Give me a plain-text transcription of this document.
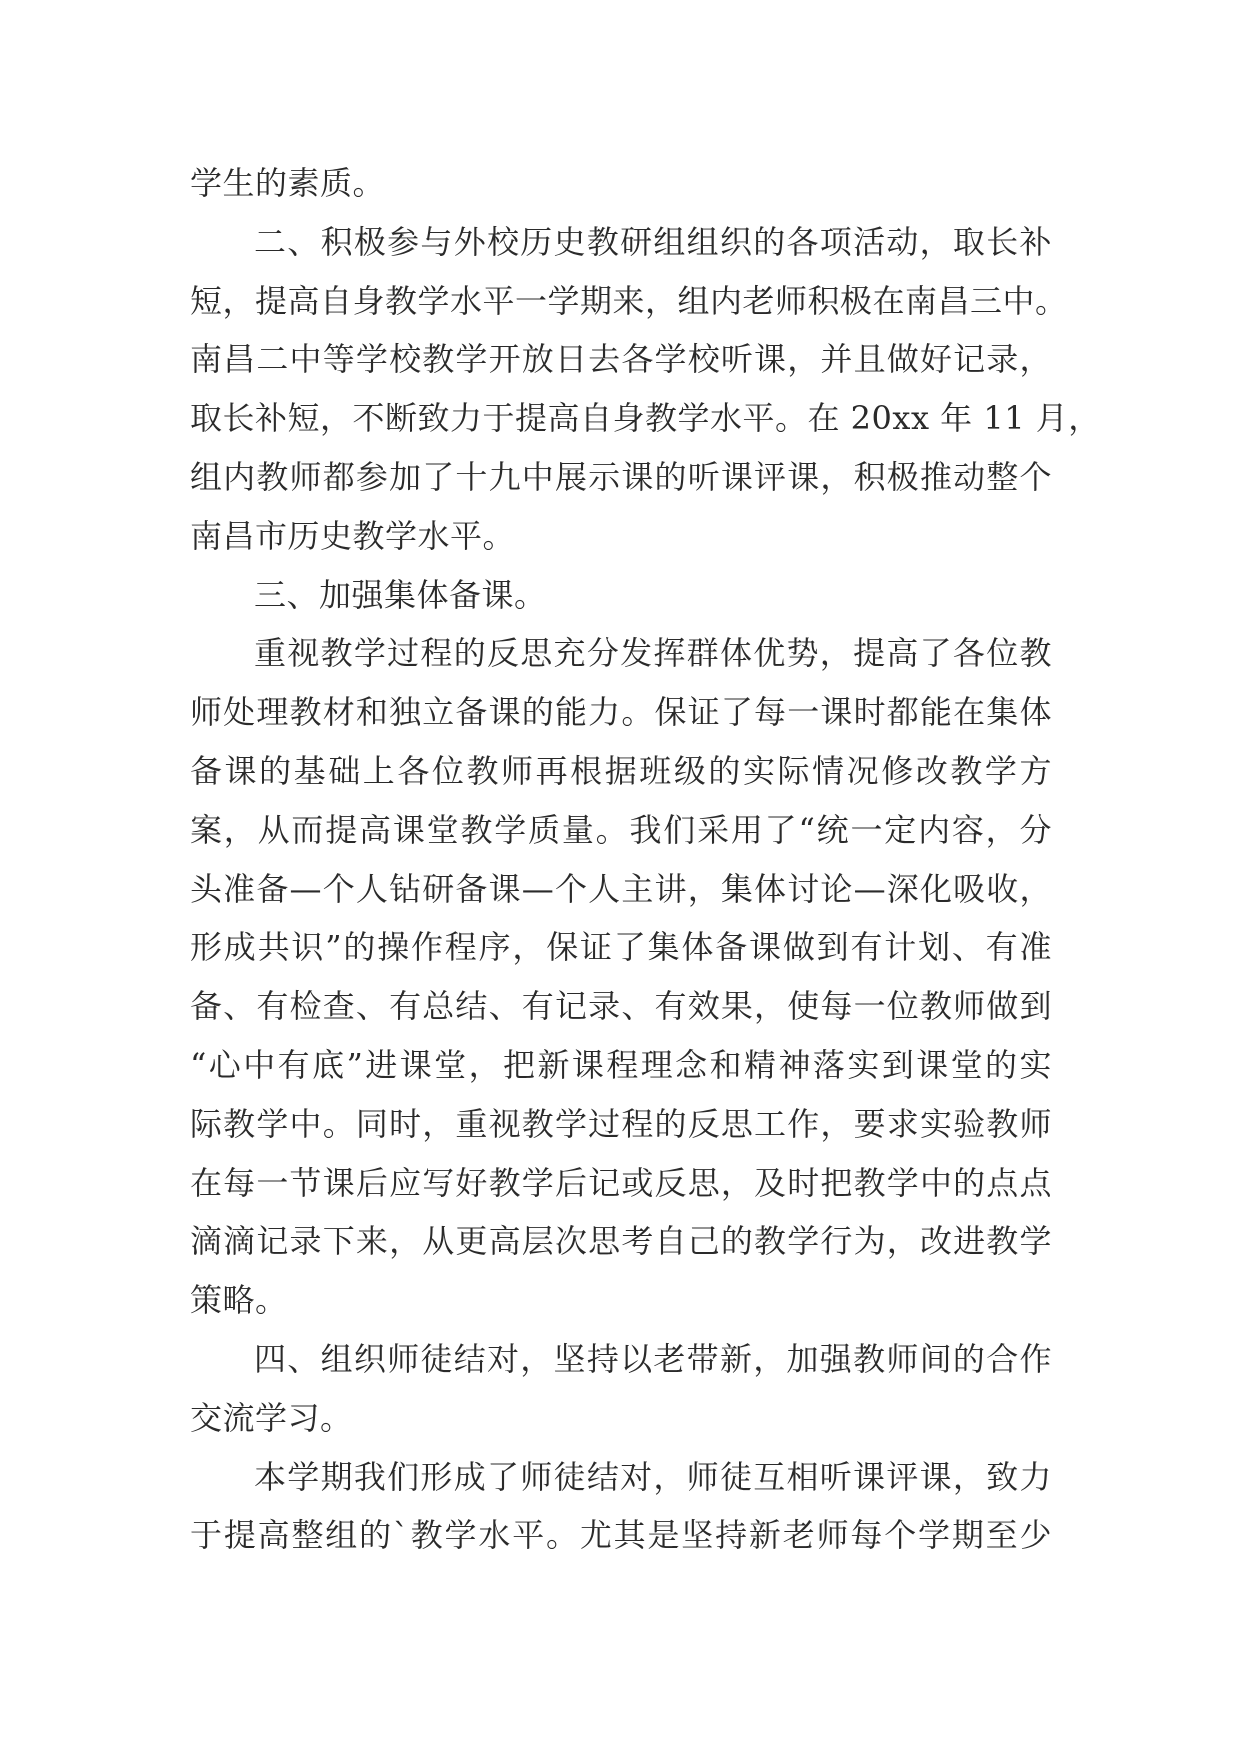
学生的素质。
二、积极参与外校历史教研组组织的各项活动，取长补
短，提高自身教学水平一学期来，组内老师积极在南昌三中。
南昌二中等学校教学开放日去各学校听课，并且做好记录，
取长补短，不断致力于提高自身教学水平。在 20xx 年 11 月，
组内教师都参加了十九中展示课的听课评课，积极推动整个
南昌市历史教学水平。
三、加强集体备课。
重视教学过程的反思充分发挥群体优势，提高了各位教
师处理教材和独立备课的能力。保证了每一课时都能在集体
备课的基础上各位教师再根据班级的实际情况修改教学方
案，从而提高课堂教学质量。我们采用了“统一定内容，分
头准备—个人钻研备课—个人主讲，集体讨论—深化吸收，
形成共识”的操作程序，保证了集体备课做到有计划、有准
备、有检查、有总结、有记录、有效果，使每一位教师做到
“心中有底”进课堂，把新课程理念和精神落实到课堂的实
际教学中。同时，重视教学过程的反思工作，要求实验教师
在每一节课后应写好教学后记或反思，及时把教学中的点点
滴滴记录下来，从更高层次思考自己的教学行为，改进教学
策略。
四、组织师徒结对，坚持以老带新，加强教师间的合作
交流学习。
本学期我们形成了师徒结对，师徒互相听课评课，致力
于提高整组的`教学水平。尤其是坚持新老师每个学期至少
